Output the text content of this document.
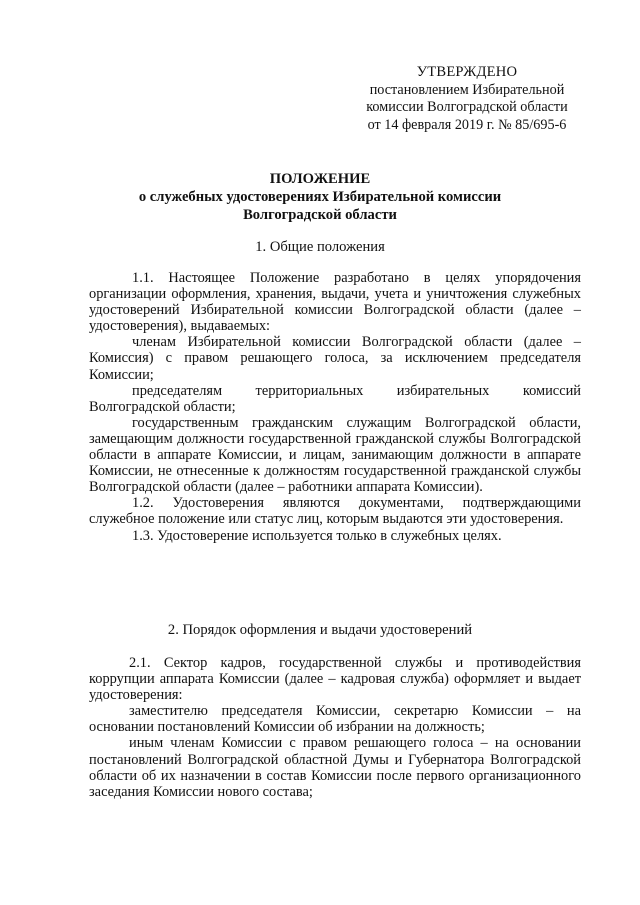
УТВЕРЖДЕНО
постановлением Избирательной
комиссии Волгоградской области
от 14 февраля 2019 г. № 85/695-6
ПОЛОЖЕНИЕ
о служебных удостоверениях Избирательной комиссии
Волгоградской области
1. Общие положения

1.1. Настоящее Положение разработано в целях упорядочения организации оформления, хранения, выдачи, учета и уничтожения служебных удостоверений Избирательной комиссии Волгоградской области (далее – удостоверения), выдаваемых:

членам Избирательной комиссии Волгоградской области (далее – Комиссия) с правом решающего голоса, за исключением председателя Комиссии;

председателям территориальных избирательных комиссий Волгоградской области;

государственным гражданским служащим Волгоградской области, замещающим должности государственной гражданской службы Волгоградской области в аппарате Комиссии, и лицам, занимающим должности в аппарате Комиссии, не отнесенные к должностям государственной гражданской службы Волгоградской области (далее – работники аппарата Комиссии).

1.2. Удостоверения являются документами, подтверждающими служебное положение или статус лиц, которым выдаются эти удостоверения.

1.3. Удостоверение используется только в служебных целях.

2. Порядок оформления и выдачи удостоверений

2.1. Сектор кадров, государственной службы и противодействия коррупции аппарата Комиссии (далее – кадровая служба) оформляет и выдает удостоверения:

заместителю председателя Комиссии, секретарю Комиссии – на основании постановлений Комиссии об избрании на должность;

иным членам Комиссии с правом решающего голоса – на основании постановлений Волгоградской областной Думы и Губернатора Волгоградской области об их назначении в состав Комиссии после первого организационного заседания Комиссии нового состава;
